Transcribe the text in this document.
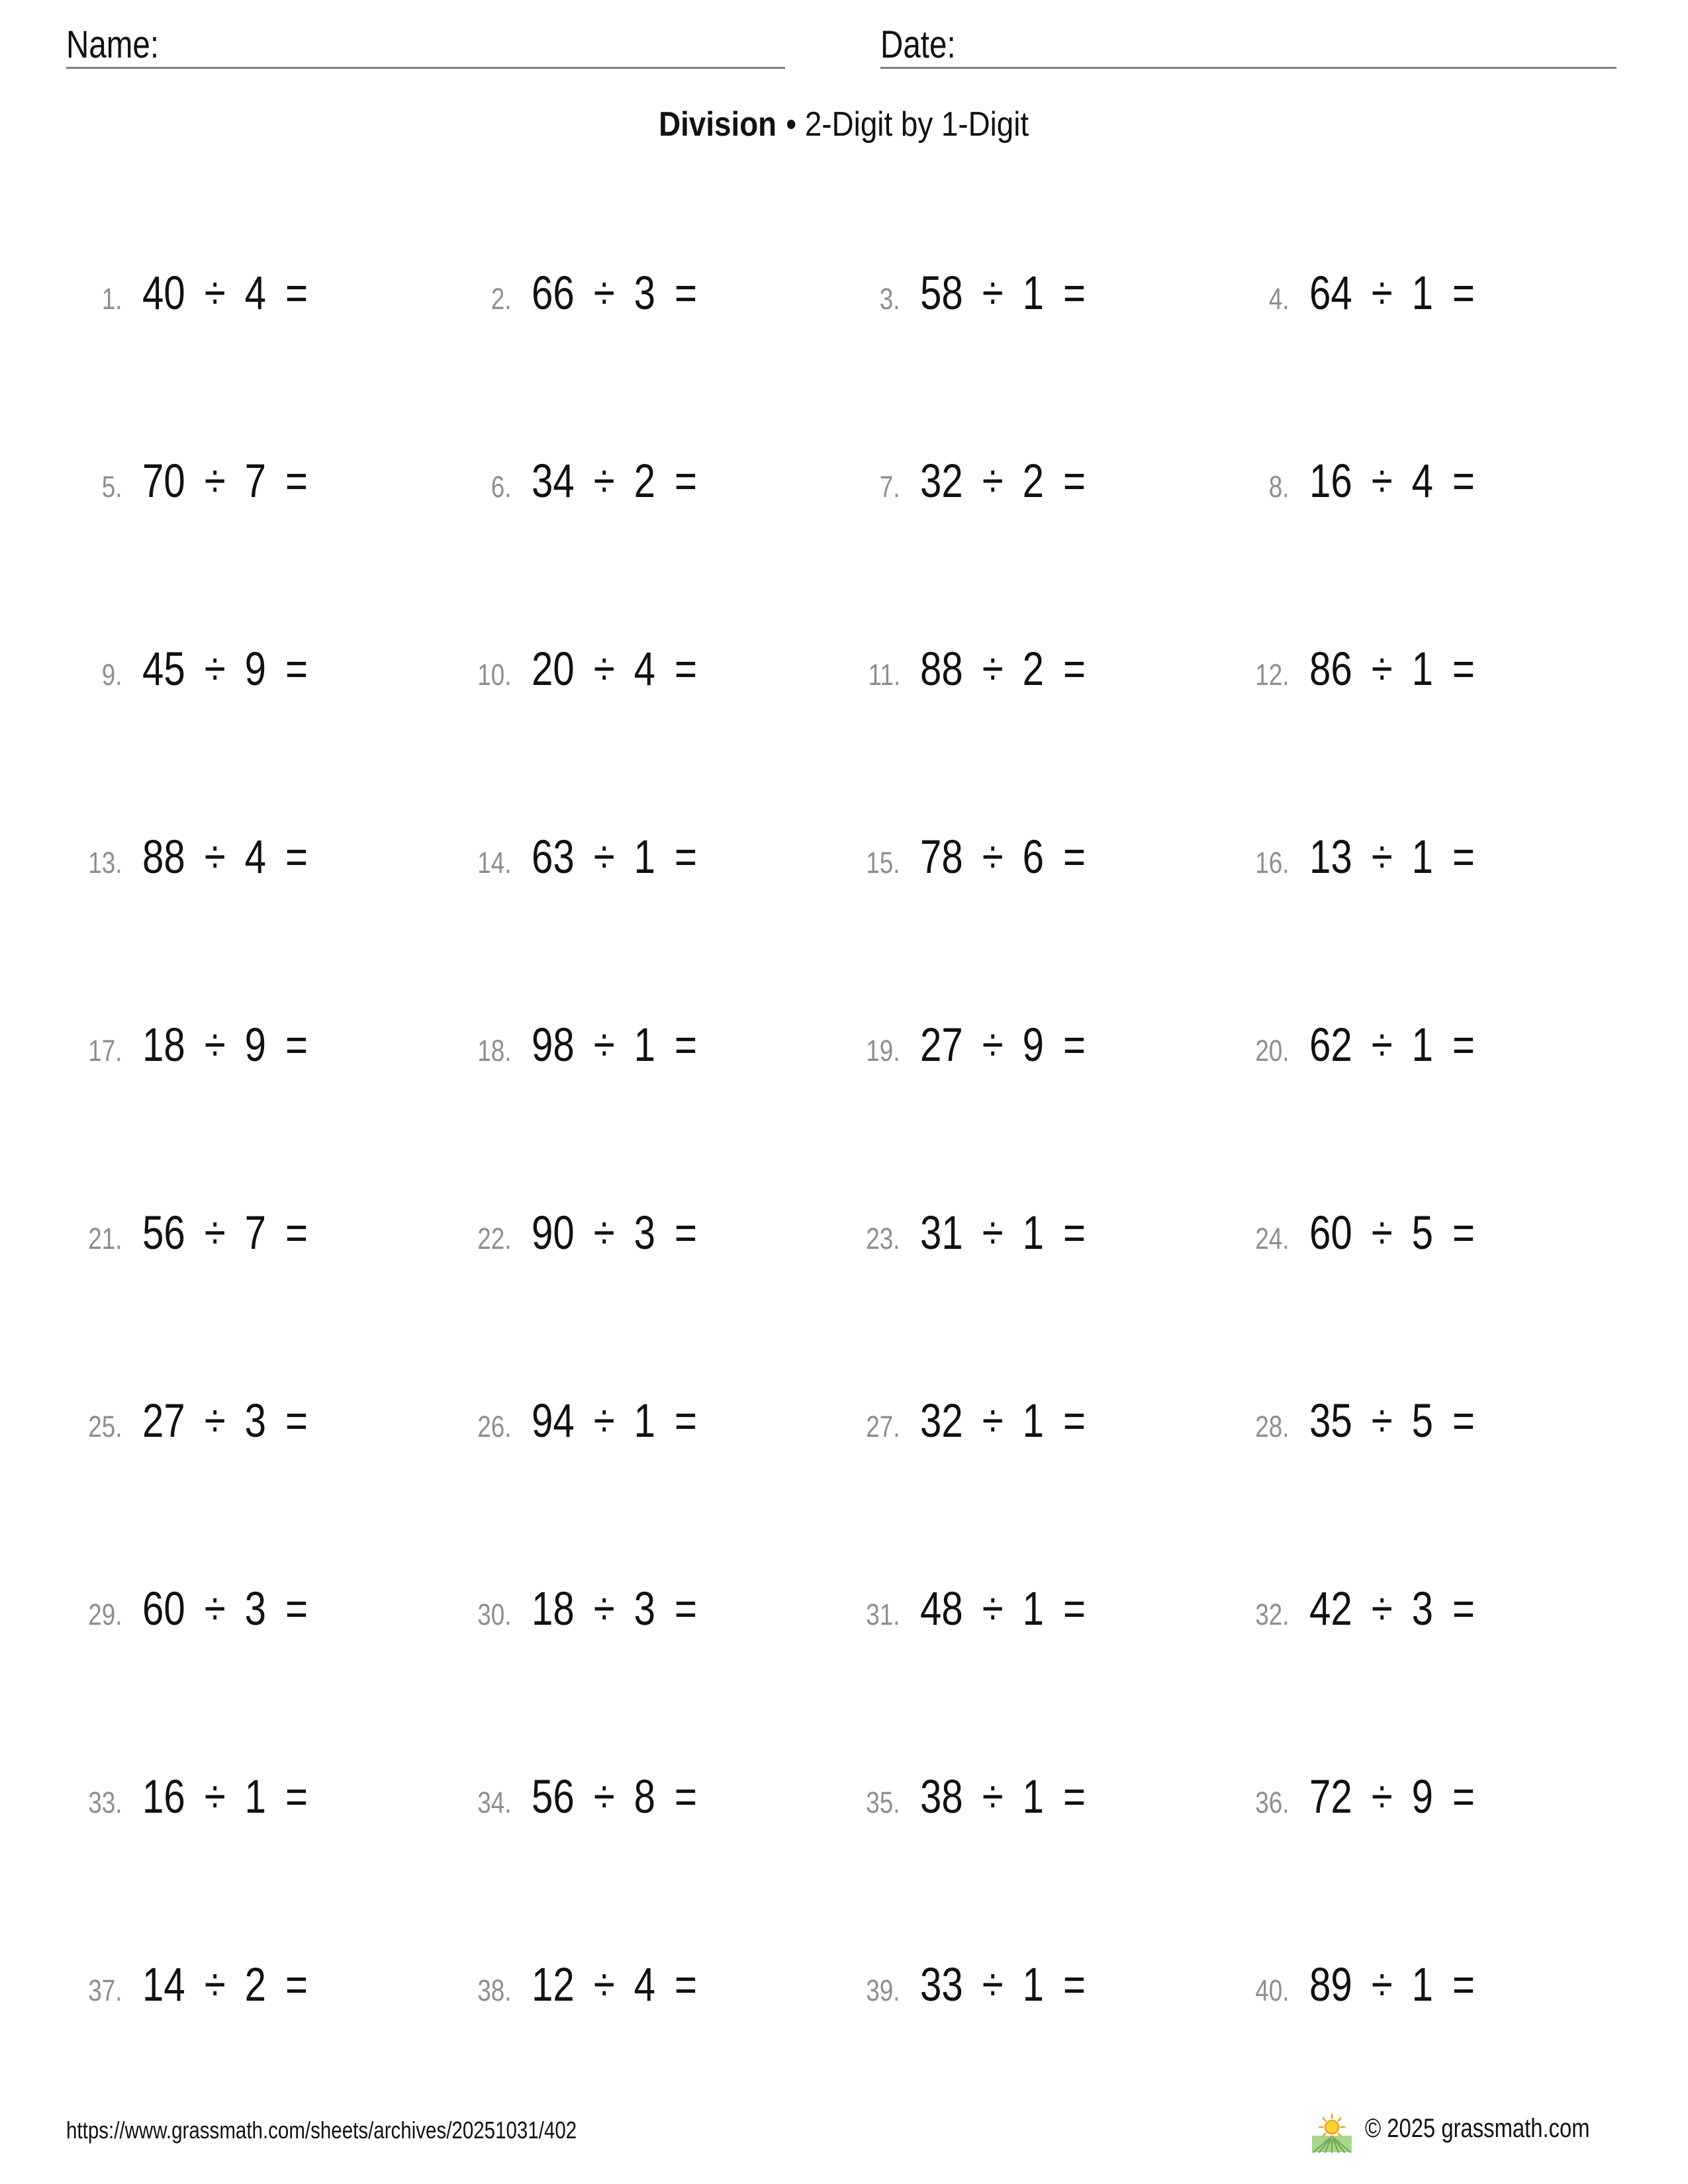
Name:	Date:
Division • 2-Digit by 1-Digit
1. 40 ÷ 4 =	2. 66 ÷ 3 =	3. 58 ÷ 1 =	4. 64 ÷ 1 =
5. 70 ÷ 7 =	6. 34 ÷ 2 =	7. 32 ÷ 2 =	8. 16 ÷ 4 =
9. 45 ÷ 9 =	10. 20 ÷ 4 =	11. 88 ÷ 2 =	12. 86 ÷ 1 =
13. 88 ÷ 4 =	14. 63 ÷ 1 =	15. 78 ÷ 6 =	16. 13 ÷ 1 =
17. 18 ÷ 9 =	18. 98 ÷ 1 =	19. 27 ÷ 9 =	20. 62 ÷ 1 =
21. 56 ÷ 7 =	22. 90 ÷ 3 =	23. 31 ÷ 1 =	24. 60 ÷ 5 =
25. 27 ÷ 3 =	26. 94 ÷ 1 =	27. 32 ÷ 1 =	28. 35 ÷ 5 =
29. 60 ÷ 3 =	30. 18 ÷ 3 =	31. 48 ÷ 1 =	32. 42 ÷ 3 =
33. 16 ÷ 1 =	34. 56 ÷ 8 =	35. 38 ÷ 1 =	36. 72 ÷ 9 =
37. 14 ÷ 2 =	38. 12 ÷ 4 =	39. 33 ÷ 1 =	40. 89 ÷ 1 =
https://www.grassmath.com/sheets/archives/20251031/402	© 2025 grassmath.com
